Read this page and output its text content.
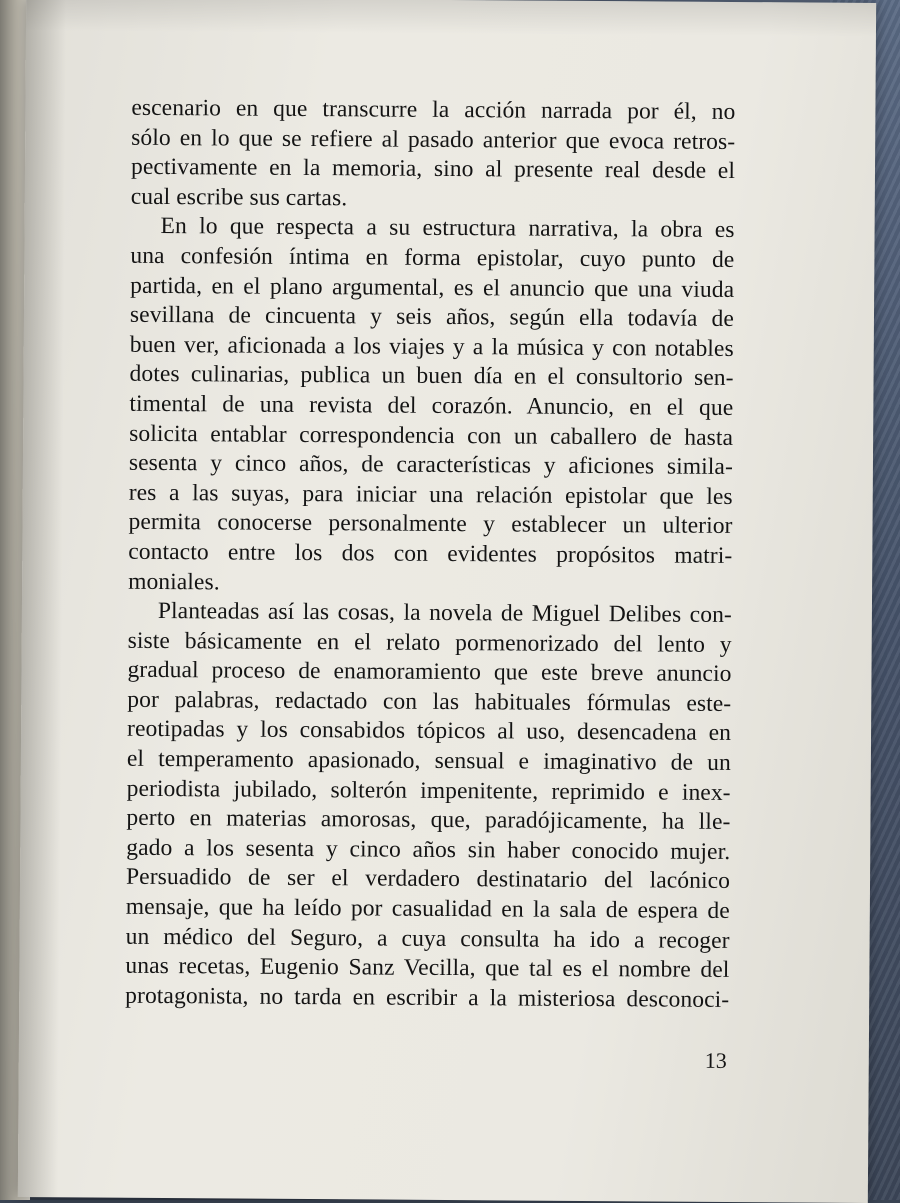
escenario en que transcurre la acción narrada por él, no
sólo en lo que se refiere al pasado anterior que evoca retros-
pectivamente en la memoria, sino al presente real desde el
cual escribe sus cartas.

En lo que respecta a su estructura narrativa, la obra es
una confesión íntima en forma epistolar, cuyo punto de
partida, en el plano argumental, es el anuncio que una viuda
sevillana de cincuenta y seis años, según ella todavía de
buen ver, aficionada a los viajes y a la música y con notables
dotes culinarias, publica un buen día en el consultorio sen-
timental de una revista del corazón. Anuncio, en el que
solicita entablar correspondencia con un caballero de hasta
sesenta y cinco años, de características y aficiones simila-
res a las suyas, para iniciar una relación epistolar que les
permita conocerse personalmente y establecer un ulterior
contacto entre los dos con evidentes propósitos matri-
moniales.

Planteadas así las cosas, la novela de Miguel Delibes con-
siste básicamente en el relato pormenorizado del lento y
gradual proceso de enamoramiento que este breve anuncio
por palabras, redactado con las habituales fórmulas este-
reotipadas y los consabidos tópicos al uso, desencadena en
el temperamento apasionado, sensual e imaginativo de un
periodista jubilado, solterón impenitente, reprimido e inex-
perto en materias amorosas, que, paradójicamente, ha lle-
gado a los sesenta y cinco años sin haber conocido mujer.
Persuadido de ser el verdadero destinatario del lacónico
mensaje, que ha leído por casualidad en la sala de espera de
un médico del Seguro, a cuya consulta ha ido a recoger
unas recetas, Eugenio Sanz Vecilla, que tal es el nombre del
protagonista, no tarda en escribir a la misteriosa desconoci-

13
